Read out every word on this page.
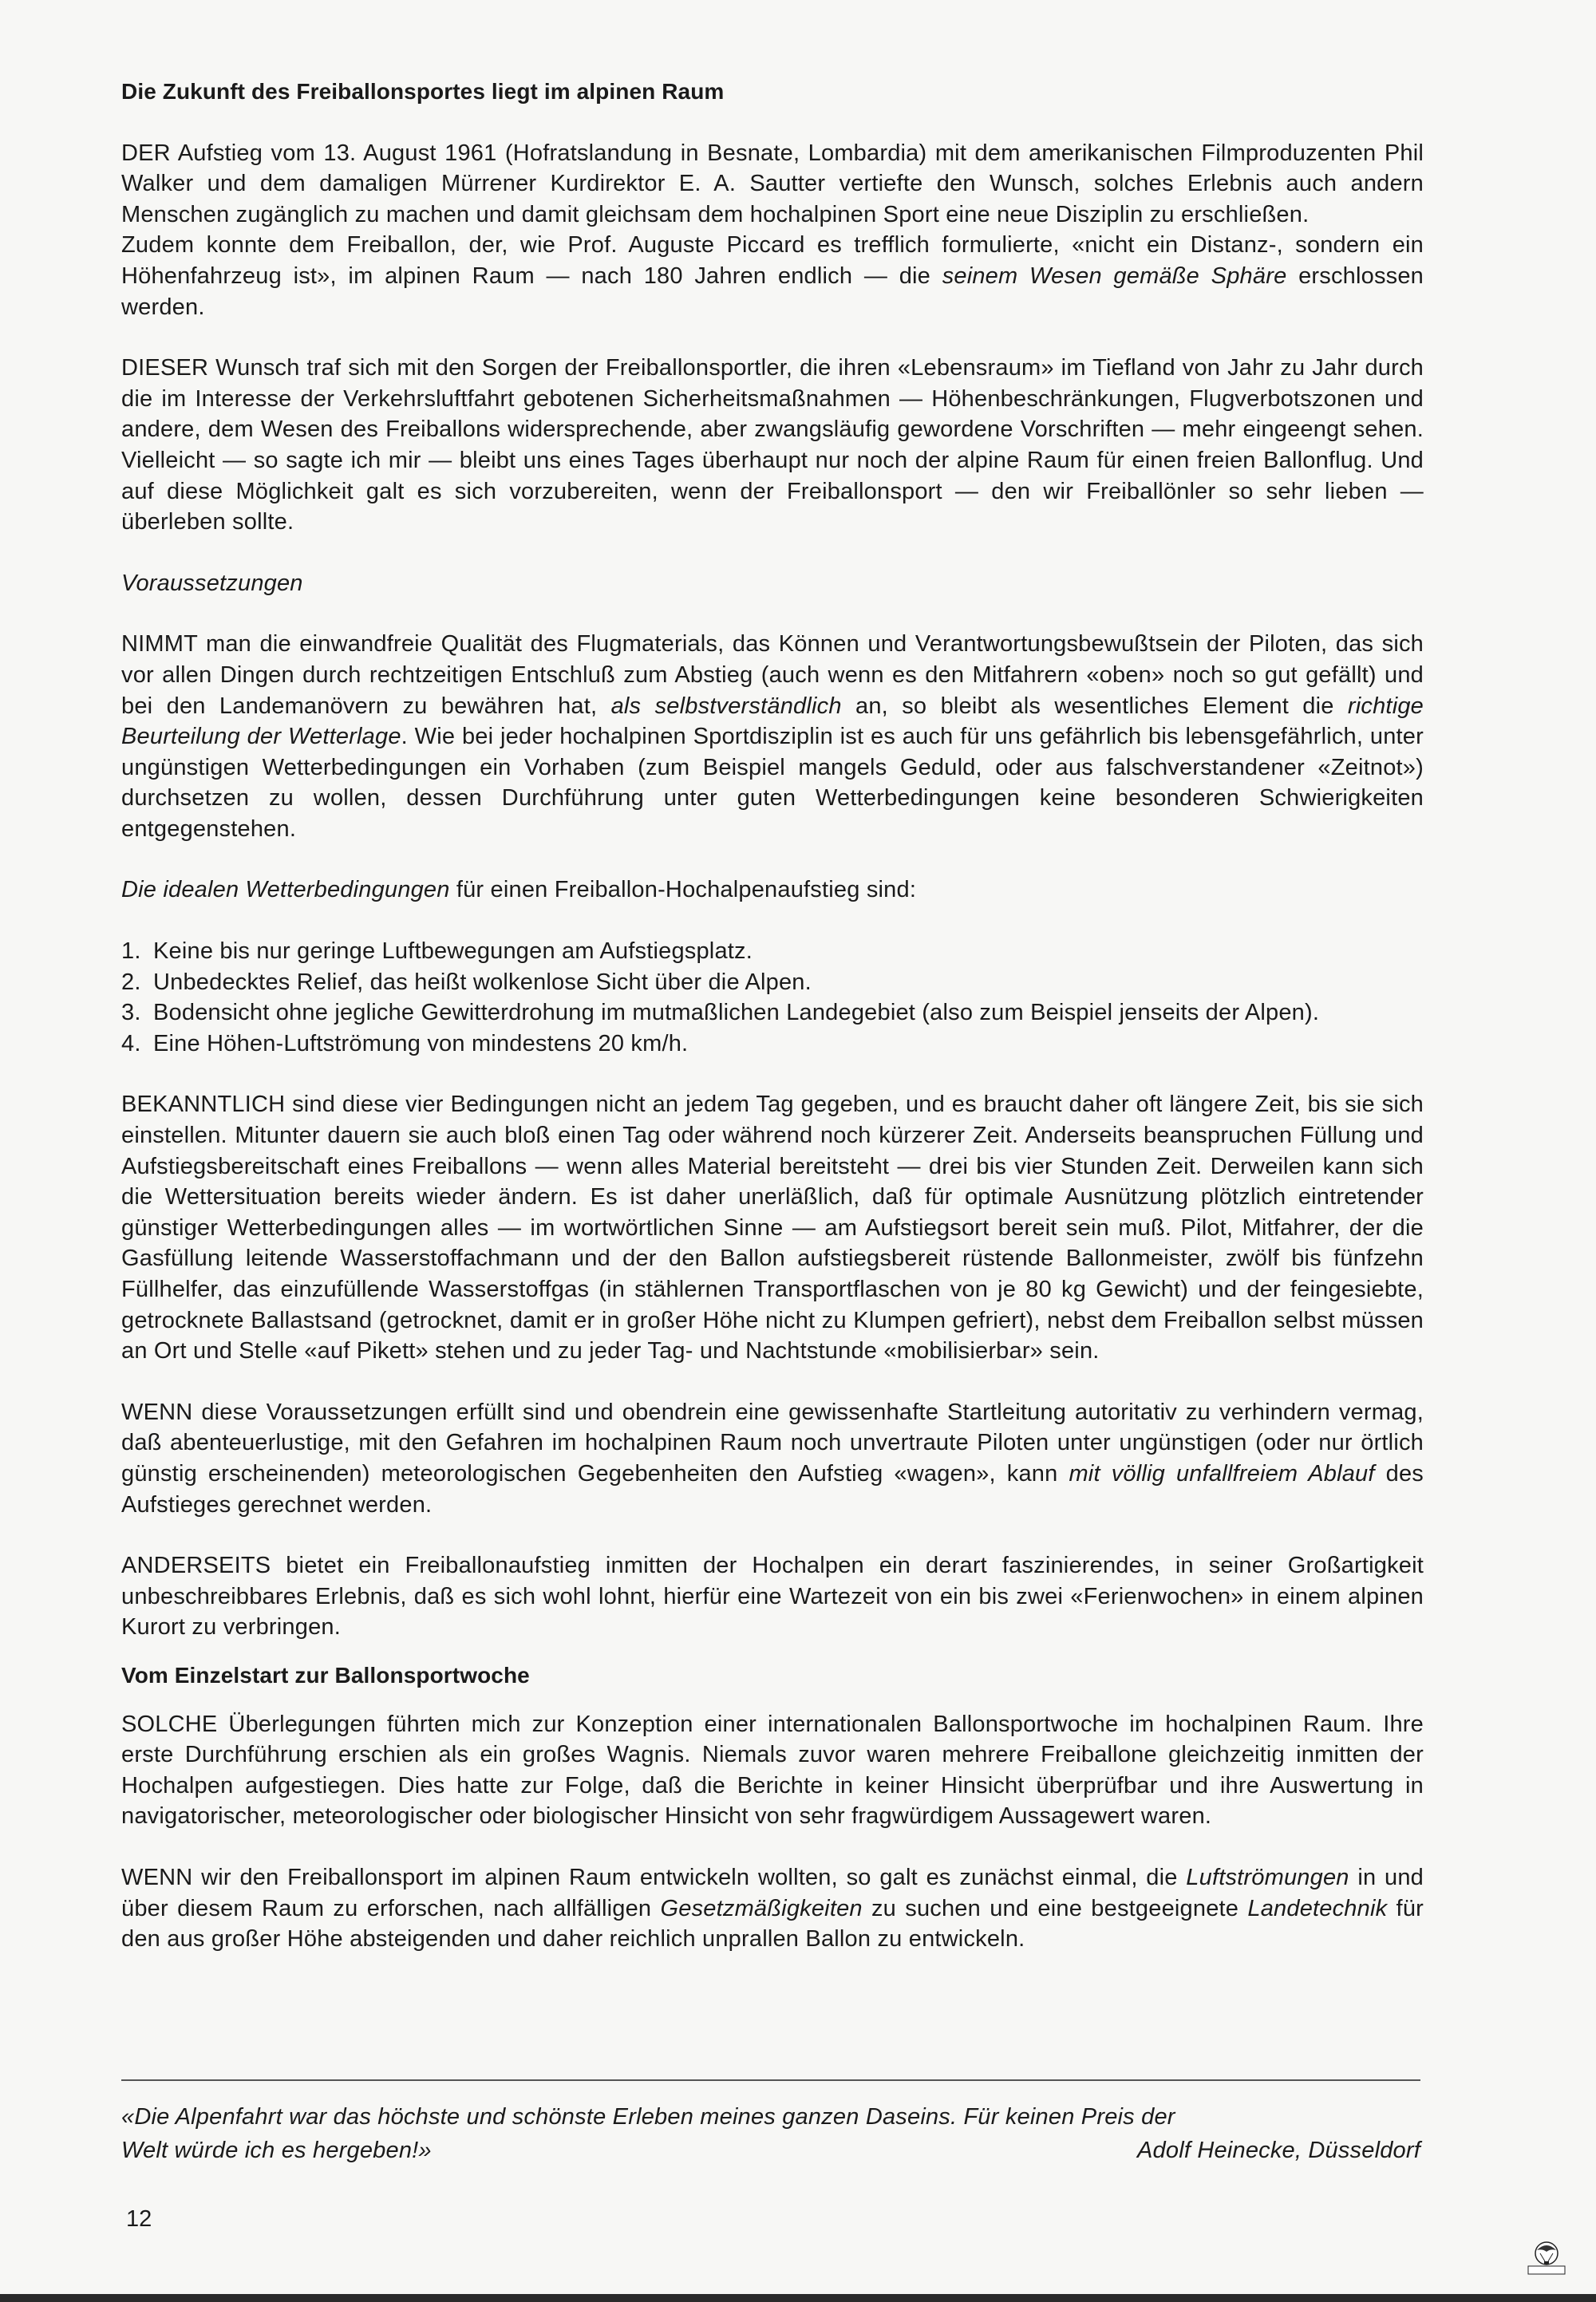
Die Zukunft des Freiballonsportes liegt im alpinen Raum

DER Aufstieg vom 13. August 1961 (Hofratslandung in Besnate, Lombardia) mit dem amerikanischen Filmproduzenten Phil Walker und dem damaligen Mürrener Kurdirektor E. A. Sautter vertiefte den Wunsch, solches Erlebnis auch andern Menschen zugänglich zu machen und damit gleichsam dem hochalpinen Sport eine neue Disziplin zu erschließen.

Zudem konnte dem Freiballon, der, wie Prof. Auguste Piccard es trefflich formulierte, «nicht ein Distanz-, sondern ein Höhenfahrzeug ist», im alpinen Raum — nach 180 Jahren endlich — die seinem Wesen gemäße Sphäre erschlossen werden.

DIESER Wunsch traf sich mit den Sorgen der Freiballonsportler, die ihren «Lebensraum» im Tiefland von Jahr zu Jahr durch die im Interesse der Verkehrsluftfahrt gebotenen Sicherheitsmaßnahmen — Höhenbeschränkungen, Flugverbotszonen und andere, dem Wesen des Freiballons widersprechende, aber zwangsläufig gewordene Vorschriften — mehr eingeengt sehen. Vielleicht — so sagte ich mir — bleibt uns eines Tages überhaupt nur noch der alpine Raum für einen freien Ballonflug. Und auf diese Möglichkeit galt es sich vorzubereiten, wenn der Freiballonsport — den wir Freiballönler so sehr lieben — überleben sollte.

Voraussetzungen

NIMMT man die einwandfreie Qualität des Flugmaterials, das Können und Verantwortungsbewußtsein der Piloten, das sich vor allen Dingen durch rechtzeitigen Entschluß zum Abstieg (auch wenn es den Mitfahrern «oben» noch so gut gefällt) und bei den Landemanövern zu bewähren hat, als selbstverständlich an, so bleibt als wesentliches Element die richtige Beurteilung der Wetterlage. Wie bei jeder hochalpinen Sportdisziplin ist es auch für uns gefährlich bis lebensgefährlich, unter ungünstigen Wetterbedingungen ein Vorhaben (zum Beispiel mangels Geduld, oder aus falschverstandener «Zeitnot») durchsetzen zu wollen, dessen Durchführung unter guten Wetterbedingungen keine besonderen Schwierigkeiten entgegenstehen.

Die idealen Wetterbedingungen für einen Freiballon-Hochalpenaufstieg sind:

1. Keine bis nur geringe Luftbewegungen am Aufstiegsplatz.
2. Unbedecktes Relief, das heißt wolkenlose Sicht über die Alpen.
3. Bodensicht ohne jegliche Gewitterdrohung im mutmaßlichen Landegebiet (also zum Beispiel jenseits der Alpen).
4. Eine Höhen-Luftströmung von mindestens 20 km/h.

BEKANNTLICH sind diese vier Bedingungen nicht an jedem Tag gegeben, und es braucht daher oft längere Zeit, bis sie sich einstellen. Mitunter dauern sie auch bloß einen Tag oder während noch kürzerer Zeit. Anderseits beanspruchen Füllung und Aufstiegsbereitschaft eines Freiballons — wenn alles Material bereitsteht — drei bis vier Stunden Zeit. Derweilen kann sich die Wettersituation bereits wieder ändern. Es ist daher unerläßlich, daß für optimale Ausnützung plötzlich eintretender günstiger Wetterbedingungen alles — im wortwörtlichen Sinne — am Aufstiegsort bereit sein muß. Pilot, Mitfahrer, der die Gasfüllung leitende Wasserstoffachmann und der den Ballon aufstiegsbereit rüstende Ballonmeister, zwölf bis fünfzehn Füllhelfer, das einzufüllende Wasserstoffgas (in stählernen Transportflaschen von je 80 kg Gewicht) und der feingesiebte, getrocknete Ballastsand (getrocknet, damit er in großer Höhe nicht zu Klumpen gefriert), nebst dem Freiballon selbst müssen an Ort und Stelle «auf Pikett» stehen und zu jeder Tag- und Nachtstunde «mobilisierbar» sein.

WENN diese Voraussetzungen erfüllt sind und obendrein eine gewissenhafte Startleitung autoritativ zu verhindern vermag, daß abenteuerlustige, mit den Gefahren im hochalpinen Raum noch unvertraute Piloten unter ungünstigen (oder nur örtlich günstig erscheinenden) meteorologischen Gegebenheiten den Aufstieg «wagen», kann mit völlig unfallfreiem Ablauf des Aufstieges gerechnet werden.

ANDERSEITS bietet ein Freiballonaufstieg inmitten der Hochalpen ein derart faszinierendes, in seiner Großartigkeit unbeschreibbares Erlebnis, daß es sich wohl lohnt, hierfür eine Wartezeit von ein bis zwei «Ferienwochen» in einem alpinen Kurort zu verbringen.

Vom Einzelstart zur Ballonsportwoche

SOLCHE Überlegungen führten mich zur Konzeption einer internationalen Ballonsportwoche im hochalpinen Raum. Ihre erste Durchführung erschien als ein großes Wagnis. Niemals zuvor waren mehrere Freiballone gleichzeitig inmitten der Hochalpen aufgestiegen. Dies hatte zur Folge, daß die Berichte in keiner Hinsicht überprüfbar und ihre Auswertung in navigatorischer, meteorologischer oder biologischer Hinsicht von sehr fragwürdigem Aussagewert waren.

WENN wir den Freiballonsport im alpinen Raum entwickeln wollten, so galt es zunächst einmal, die Luftströmungen in und über diesem Raum zu erforschen, nach allfälligen Gesetzmäßigkeiten zu suchen und eine bestgeeignete Landetechnik für den aus großer Höhe absteigenden und daher reichlich unprallen Ballon zu entwickeln.

«Die Alpenfahrt war das höchste und schönste Erleben meines ganzen Daseins. Für keinen Preis der
Welt würde ich es hergeben!»	Adolf Heinecke, Düsseldorf
12
